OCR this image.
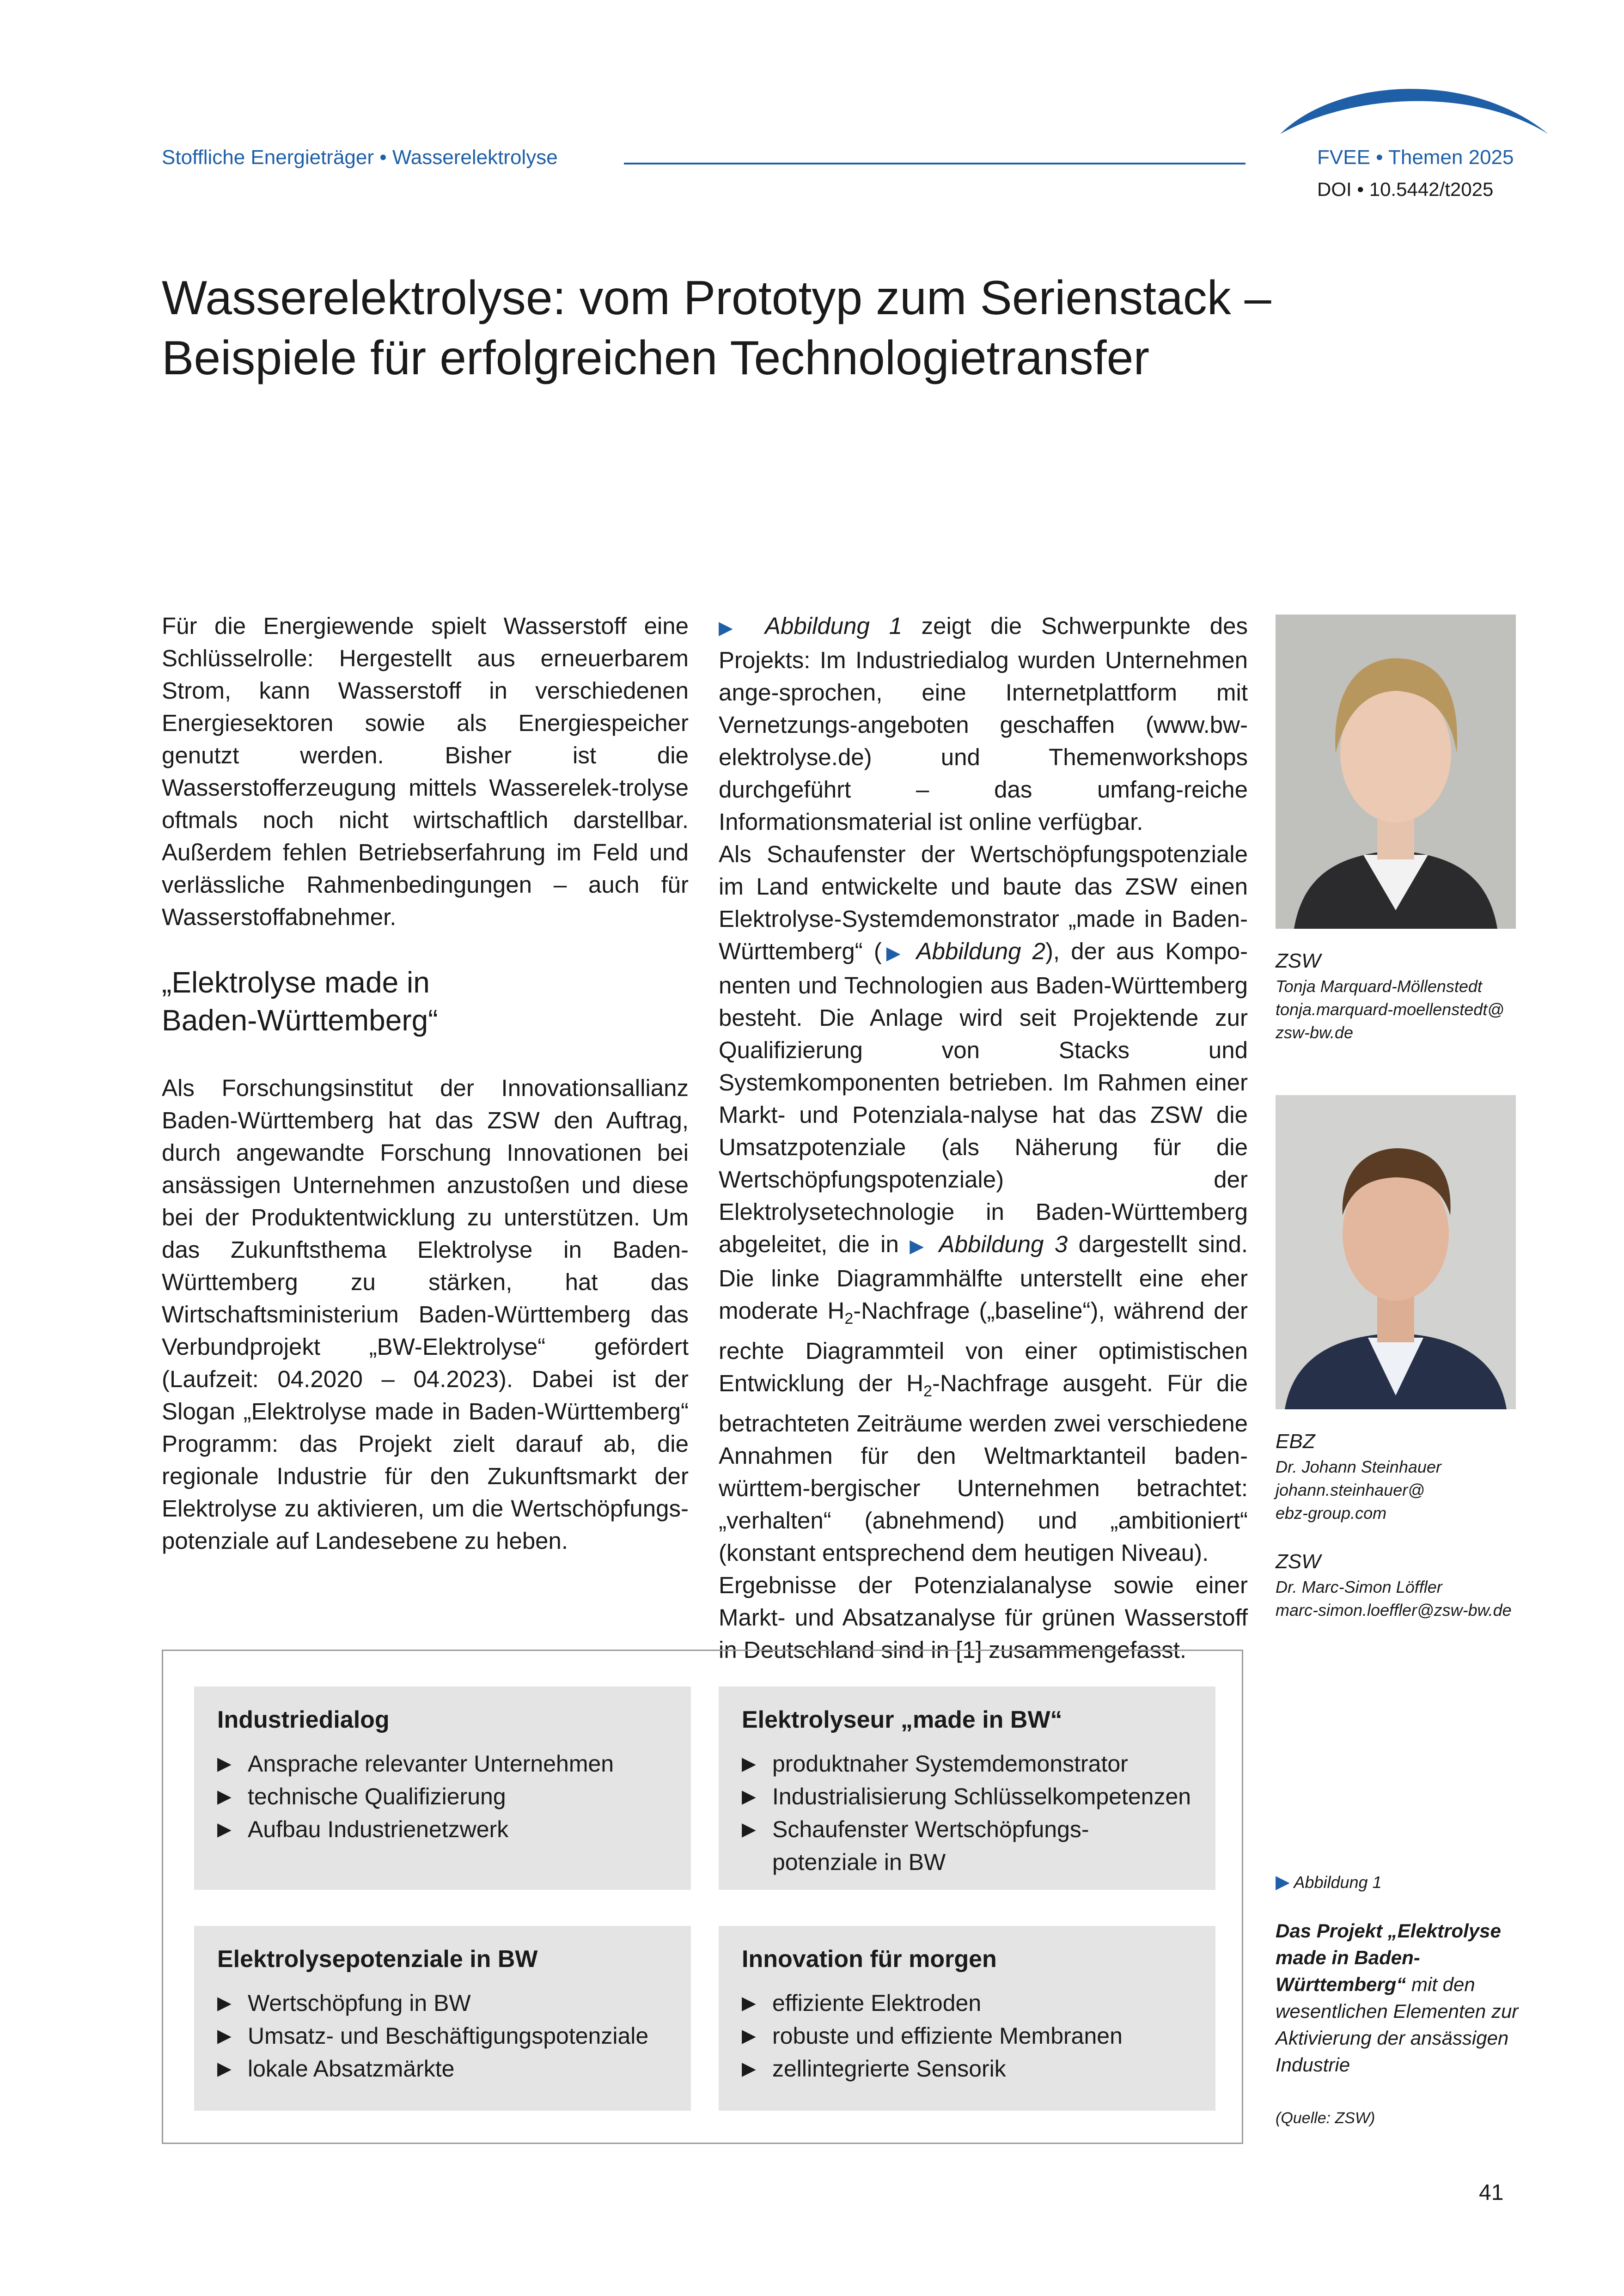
Stoffliche Energieträger • Wasserelektrolyse	FVEE • Themen 2025
DOI • 10.5442/t2025
Wasserelektrolyse: vom Prototyp zum Serienstack –
Beispiele für erfolgreichen Technologietransfer

Für die Energiewende spielt Wasserstoff eine Schlüsselrolle: Hergestellt aus erneuerbarem Strom, kann Wasserstoff in verschiedenen Energiesektoren sowie als Energiespeicher genutzt werden. Bisher ist die Wasserstofferzeugung mittels Wasserelek-trolyse oftmals noch nicht wirtschaftlich darstellbar. Außerdem fehlen Betriebserfahrung im Feld und verlässliche Rahmenbedingungen – auch für Wasserstoffabnehmer.

„Elektrolyse made in
Baden-Württemberg“

Als Forschungsinstitut der Innovationsallianz Baden-Württemberg hat das ZSW den Auftrag, durch angewandte Forschung Innovationen bei ansässigen Unternehmen anzustoßen und diese bei der Produktentwicklung zu unterstützen. Um das Zukunftsthema Elektrolyse in Baden-Württemberg zu stärken, hat das Wirtschaftsministerium Baden-Württemberg das Verbundprojekt „BW-Elektrolyse“ gefördert (Laufzeit: 04.2020 – 04.2023). Dabei ist der Slogan „Elektrolyse made in Baden-Württemberg“ Programm: das Projekt zielt darauf ab, die regionale Industrie für den Zukunftsmarkt der Elektrolyse zu aktivieren, um die Wertschöpfungs-potenziale auf Landesebene zu heben.

▶ Abbildung 1 zeigt die Schwerpunkte des Projekts: Im Industriedialog wurden Unternehmen ange-sprochen, eine Internetplattform mit Vernetzungs-angeboten geschaffen (www.bw-elektrolyse.de) und Themenworkshops durchgeführt – das umfang-reiche Informationsmaterial ist online verfügbar.

Als Schaufenster der Wertschöpfungspotenziale im Land entwickelte und baute das ZSW einen Elektrolyse-Systemdemonstrator „made in Baden-Württemberg“ (▶ Abbildung 2), der aus Kompo-nenten und Technologien aus Baden-Württemberg besteht. Die Anlage wird seit Projektende zur Qualifizierung von Stacks und Systemkomponenten betrieben. Im Rahmen einer Markt- und Potenziala-nalyse hat das ZSW die Umsatzpotenziale (als Näherung für die Wertschöpfungspotenziale) der Elektrolysetechnologie in Baden-Württemberg abgeleitet, die in ▶ Abbildung 3 dargestellt sind. Die linke Diagrammhälfte unterstellt eine eher moderate $H_2$-Nachfrage („baseline“), während der rechte Diagrammteil von einer optimistischen Entwicklung der $H_2$-Nachfrage ausgeht. Für die betrachteten Zeiträume werden zwei verschiedene Annahmen für den Weltmarktanteil baden-württem-bergischer Unternehmen betrachtet: „verhalten“ (abnehmend) und „ambitioniert“ (konstant entsprechend dem heutigen Niveau).

Ergebnisse der Potenzialanalyse sowie einer Markt- und Absatzanalyse für grünen Wasserstoff in Deutschland sind in [1] zusammengefasst.

ZSW
Tonja Marquard-Möllenstedt
tonja.marquard-moellenstedt@
zsw-bw.de
EBZ
Dr. Johann Steinhauer
johann.steinhauer@
ebz-group.com
ZSW
Dr. Marc-Simon Löffler
marc-simon.loeffler@zsw-bw.de
Industriedialog
▶ Ansprache relevanter Unternehmen
▶ technische Qualifizierung
▶ Aufbau Industrienetzwerk
Elektrolyseur „made in BW“
▶ produktnaher Systemdemonstrator
▶ Industrialisierung Schlüsselkompetenzen
▶ Schaufenster Wertschöpfungs-
potenziale in BW
Elektrolysepotenziale in BW
▶ Wertschöpfung in BW
▶ Umsatz- und Beschäftigungspotenziale
▶ lokale Absatzmärkte
Innovation für morgen
▶ effiziente Elektroden
▶ robuste und effiziente Membranen
▶ zellintegrierte Sensorik
▶ Abbildung 1
Das Projekt „Elektrolyse made in Baden-Württemberg“ mit den wesentlichen Elementen zur Aktivierung der ansässigen Industrie
(Quelle: ZSW)
41
